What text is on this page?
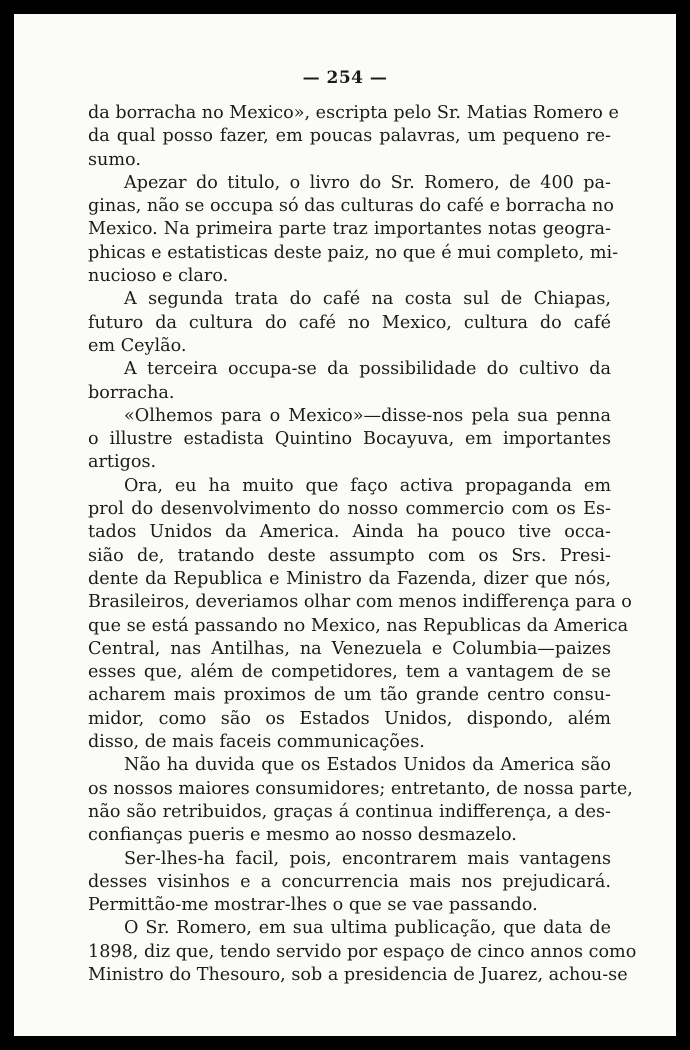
— 254 —

da borracha no Mexico», escripta pelo Sr. Matias Romero e
da qual posso fazer, em poucas palavras, um pequeno re-
sumo.

Apezar do titulo, o livro do Sr. Romero, de 400 pa-
ginas, não se occupa só das culturas do café e borracha no
Mexico. Na primeira parte traz importantes notas geogra-
phicas e estatisticas deste paiz, no que é mui completo, mi-
nucioso e claro.

A segunda trata do café na costa sul de Chiapas,
futuro da cultura do café no Mexico, cultura do café
em Ceylão.

A terceira occupa-se da possibilidade do cultivo da
borracha.

«Olhemos para o Mexico»—disse-nos pela sua penna
o illustre estadista Quintino Bocayuva, em importantes
artigos.

Ora, eu ha muito que faço activa propaganda em
prol do desenvolvimento do nosso commercio com os Es-
tados Unidos da America. Ainda ha pouco tive occa-
sião de, tratando deste assumpto com os Srs. Presi-
dente da Republica e Ministro da Fazenda, dizer que nós,
Brasileiros, deveriamos olhar com menos indifferença para o
que se está passando no Mexico, nas Republicas da America
Central, nas Antilhas, na Venezuela e Columbia—paizes
esses que, além de competidores, tem a vantagem de se
acharem mais proximos de um tão grande centro consu-
midor, como são os Estados Unidos, dispondo, além
disso, de mais faceis communicações.

Não ha duvida que os Estados Unidos da America são
os nossos maiores consumidores; entretanto, de nossa parte,
não são retribuidos, graças á continua indifferença, a des-
confianças pueris e mesmo ao nosso desmazelo.

Ser-lhes-ha facil, pois, encontrarem mais vantagens
desses visinhos e a concurrencia mais nos prejudicará.
Permittão-me mostrar-lhes o que se vae passando.

O Sr. Romero, em sua ultima publicação, que data de
1898, diz que, tendo servido por espaço de cinco annos como
Ministro do Thesouro, sob a presidencia de Juarez, achou-se
